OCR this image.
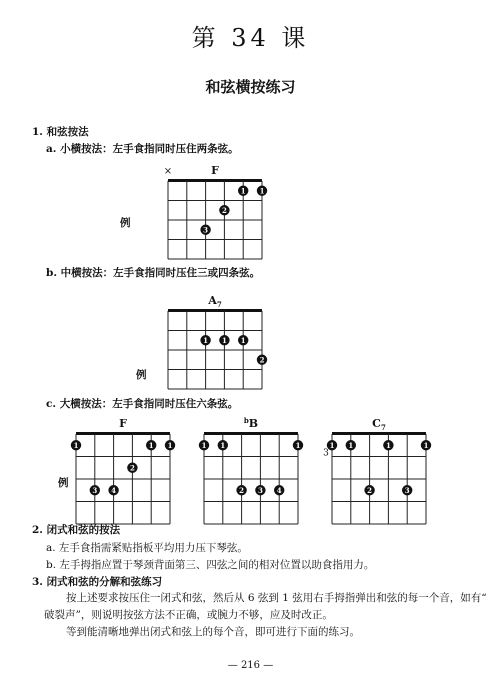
第 34 课
和弦横按练习
1. 和弦按法
a. 小横按法：左手食指同时压住两条弦。
例
b. 中横按法：左手食指同时压住三或四条弦。
例
c. 大横按法：左手食指同时压住六条弦。
例
F
×
1 1
2
3
$A_7$
1 1 1
2
F
1	1 1
2
3 4
$^b$B
1 1	1
2 3 4
$C_7$
3
1 1	1	1
2	3
2. 闭式和弦的按法
a. 左手食指需紧贴指板平均用力压下琴弦。
b. 左手拇指应置于琴颈背面第三、四弦之间的相对位置以助食指用力。
3. 闭式和弦的分解和弦练习
按上述要求按压住一闭式和弦，然后从 6 弦到 1 弦用右手拇指弹出和弦的每一个音，如有“
破裂声”，则说明按弦方法不正确，或腕力不够，应及时改正。
等到能清晰地弹出闭式和弦上的每个音，即可进行下面的练习。
— 216 —
